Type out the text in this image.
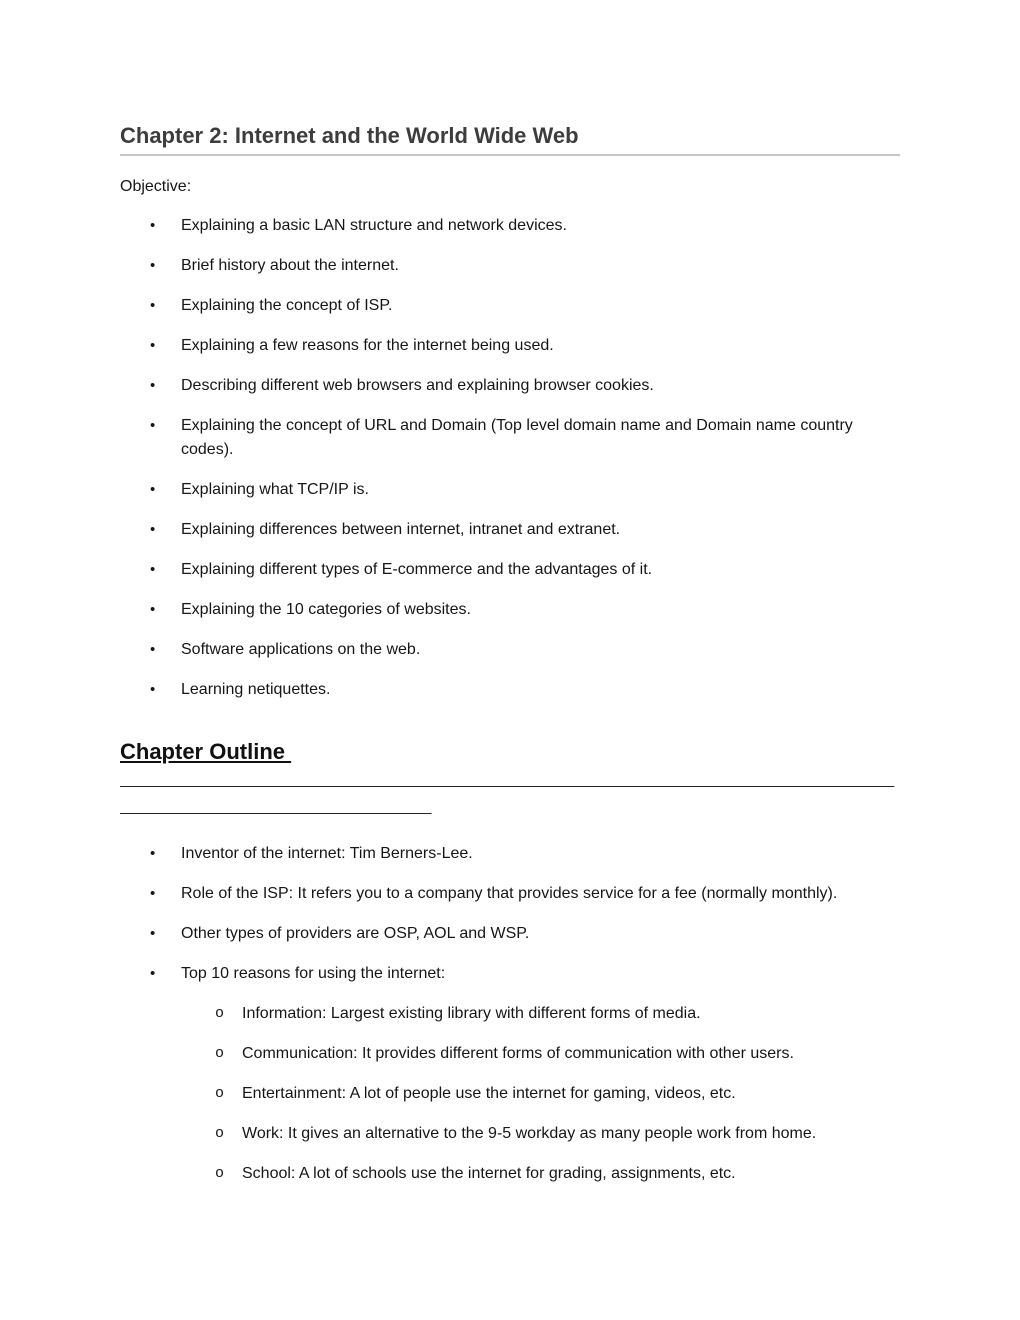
Chapter 2: Internet and the World Wide Web

Objective:

•	Explaining a basic LAN structure and network devices.
•	Brief history about the internet.
•	Explaining the concept of ISP.
•	Explaining a few reasons for the internet being used.
•	Describing different web browsers and explaining browser cookies.
•	Explaining the concept of URL and Domain (Top level domain name and Domain name country codes).
•	Explaining what TCP/IP is.
•	Explaining differences between internet, intranet and extranet.
•	Explaining different types of E-commerce and the advantages of it.
•	Explaining the 10 categories of websites.
•	Software applications on the web.
•	Learning netiquettes.
Chapter Outline
_______________________________________________________________________________________
___________________________________
•	Inventor of the internet: Tim Berners-Lee.
•	Role of the ISP: It refers you to a company that provides service for a fee (normally monthly).
•	Other types of providers are OSP, AOL and WSP.
•	Top 10 reasons for using the internet:
o	Information: Largest existing library with different forms of media.
o	Communication: It provides different forms of communication with other users.
o	Entertainment: A lot of people use the internet for gaming, videos, etc.
o	Work: It gives an alternative to the 9-5 workday as many people work from home.
o	School: A lot of schools use the internet for grading, assignments, etc.
